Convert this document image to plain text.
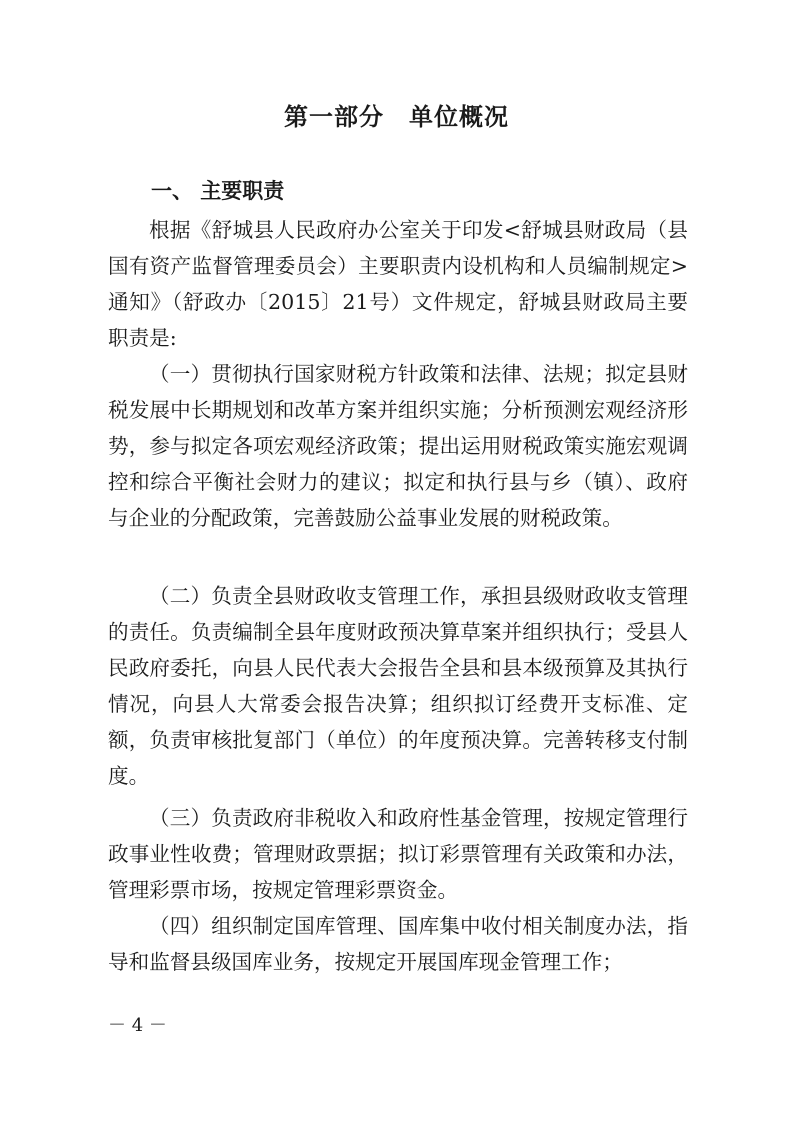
第一部分　单位概况
一、 主要职责

根据《舒城县人民政府办公室关于印发<舒城县财政局（县国有资产监督管理委员会）主要职责内设机构和人员编制规定>通知》（舒政办〔2015〕21号）文件规定，舒城县财政局主要职责是:

（一）贯彻执行国家财税方针政策和法律、法规；拟定县财税发展中长期规划和改革方案并组织实施；分析预测宏观经济形势，参与拟定各项宏观经济政策；提出运用财税政策实施宏观调控和综合平衡社会财力的建议；拟定和执行县与乡（镇）、政府与企业的分配政策，完善鼓励公益事业发展的财税政策。

（二）负责全县财政收支管理工作，承担县级财政收支管理的责任。负责编制全县年度财政预决算草案并组织执行；受县人民政府委托，向县人民代表大会报告全县和县本级预算及其执行情况，向县人大常委会报告决算；组织拟订经费开支标准、定额，负责审核批复部门（单位）的年度预决算。完善转移支付制度。

（三）负责政府非税收入和政府性基金管理，按规定管理行政事业性收费；管理财政票据；拟订彩票管理有关政策和办法，管理彩票市场，按规定管理彩票资金。

（四）组织制定国库管理、国库集中收付相关制度办法，指导和监督县级国库业务，按规定开展国库现金管理工作；

－ 4 －
